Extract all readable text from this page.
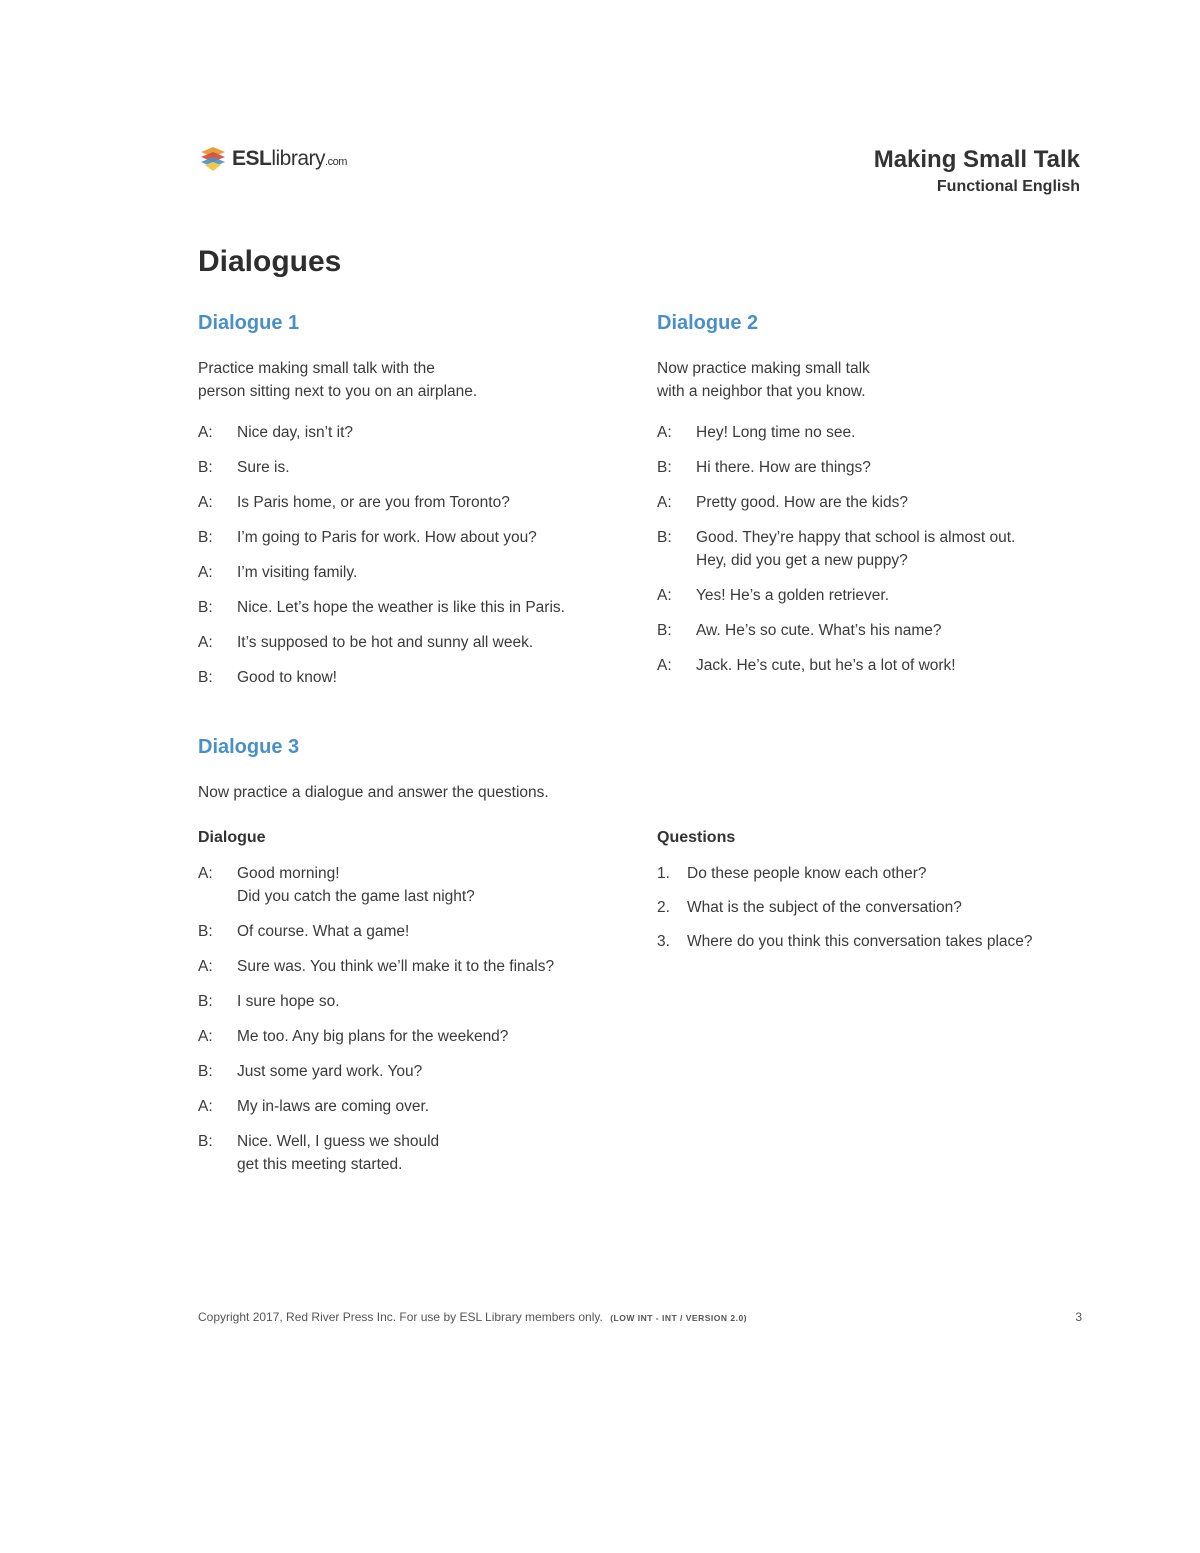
ESLlibrary.com	Making Small Talk
Functional English
Dialogues
Dialogue 1

Practice making small talk with the
person sitting next to you on an airplane.

A:	Nice day, isn’t it?
B:	Sure is.
A:	Is Paris home, or are you from Toronto?
B:	I’m going to Paris for work. How about you?
A:	I’m visiting family.
B:	Nice. Let’s hope the weather is like this in Paris.
A:	It’s supposed to be hot and sunny all week.
B:	Good to know!
Dialogue 2

Now practice making small talk
with a neighbor that you know.

A:	Hey! Long time no see.
B:	Hi there. How are things?
A:	Pretty good. How are the kids?
B:	Good. They’re happy that school is almost out.
Hey, did you get a new puppy?
A:	Yes! He’s a golden retriever.
B:	Aw. He’s so cute. What’s his name?
A:	Jack. He’s cute, but he’s a lot of work!
Dialogue 3

Now practice a dialogue and answer the questions.

Dialogue
A:	Good morning!
Did you catch the game last night?
B:	Of course. What a game!
A:	Sure was. You think we’ll make it to the finals?
B:	I sure hope so.
A:	Me too. Any big plans for the weekend?
B:	Just some yard work. You?
A:	My in-laws are coming over.
B:	Nice. Well, I guess we should
get this meeting started.
Questions
1.	Do these people know each other?
2.	What is the subject of the conversation?
3.	Where do you think this conversation takes place?
Copyright 2017, Red River Press Inc. For use by ESL Library members only. (LOW INT - INT / VERSION 2.0)	3
